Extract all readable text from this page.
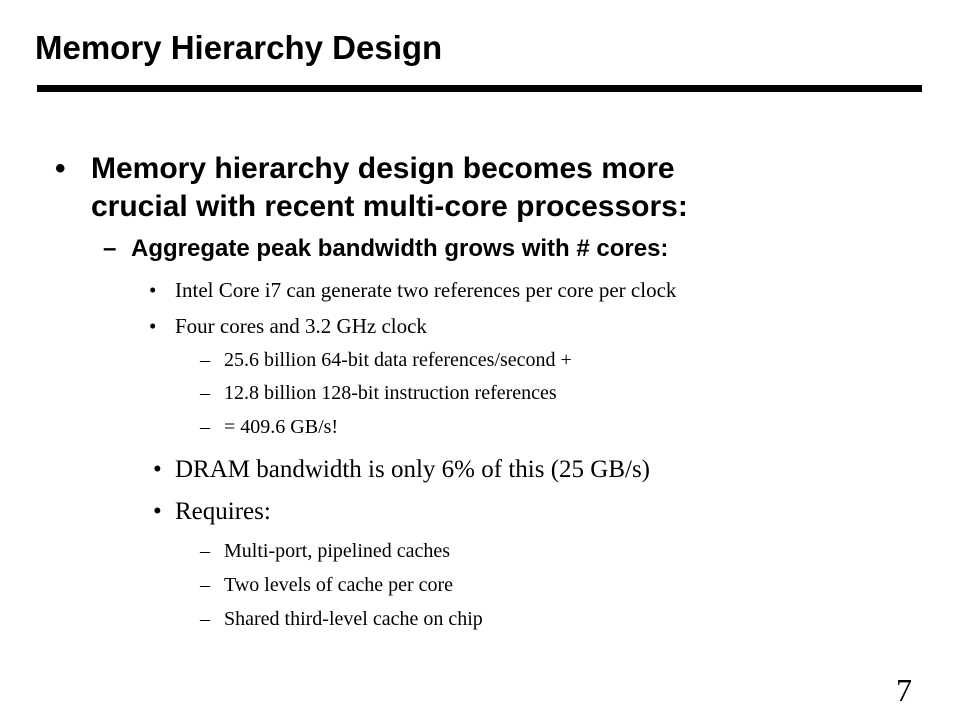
Memory Hierarchy Design
• Memory hierarchy design becomes more

crucial with recent multi-core processors:

– Aggregate peak bandwidth grows with # cores:

• Intel Core i7 can generate two references per core per clock

• Four cores and 3.2 GHz clock

– 25.6 billion 64-bit data references/second +

– 12.8 billion 128-bit instruction references

– = 409.6 GB/s!

• DRAM bandwidth is only 6% of this (25 GB/s)

• Requires:

– Multi-port, pipelined caches

– Two levels of cache per core

– Shared third-level cache on chip

7
